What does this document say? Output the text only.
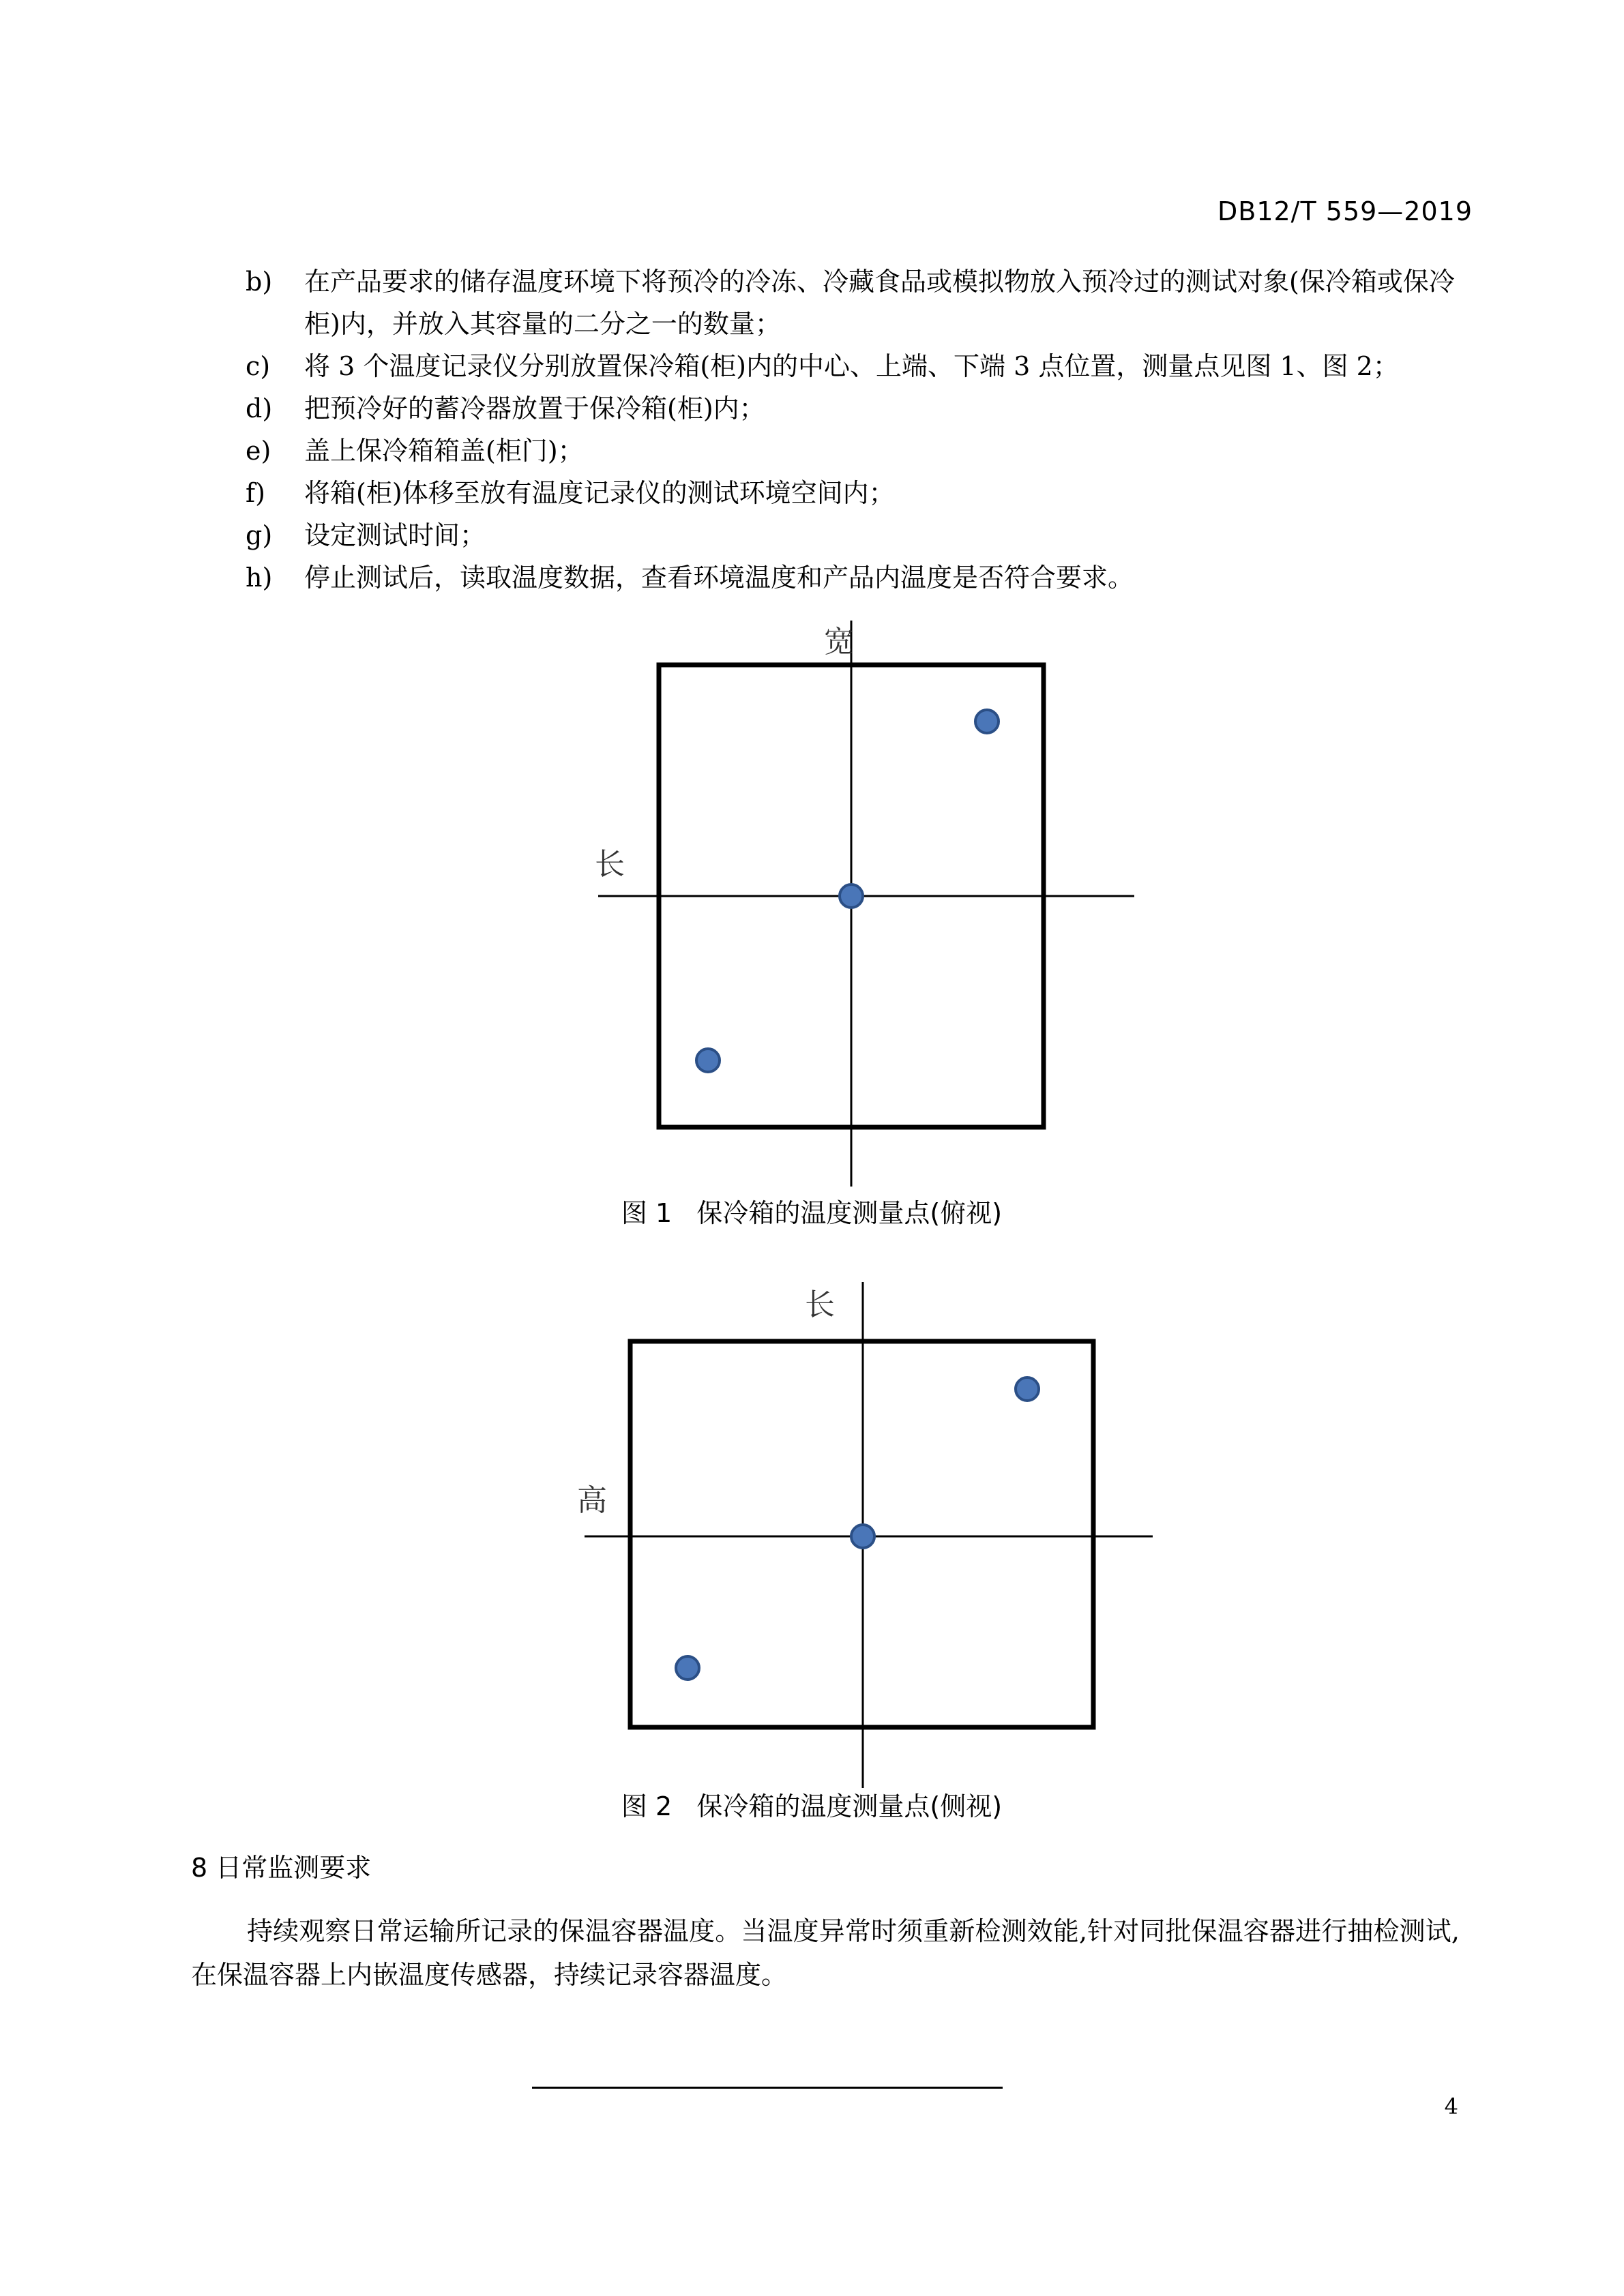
DB12/T 559—2019
b)	在产品要求的储存温度环境下将预冷的冷冻、冷藏食品或模拟物放入预冷过的测试对象(保冷箱或保冷柜)内，并放入其容量的二分之一的数量；
c)	将 3 个温度记录仪分别放置保冷箱(柜)内的中心、上端、下端 3 点位置，测量点见图 1、图 2；
d)	把预冷好的蓄冷器放置于保冷箱(柜)内；
e)	盖上保冷箱箱盖(柜门)；
f)	将箱(柜)体移至放有温度记录仪的测试环境空间内；
g)	设定测试时间；
h)	停止测试后，读取温度数据，查看环境温度和产品内温度是否符合要求。
宽
长
图 1   保冷箱的温度测量点(俯视)
长
高
图 2   保冷箱的温度测量点(侧视)
8 日常监测要求
持续观察日常运输所记录的保温容器温度。当温度异常时须重新检测效能,针对同批保温容器进行抽检测试,在保温容器上内嵌温度传感器，持续记录容器温度。
4
